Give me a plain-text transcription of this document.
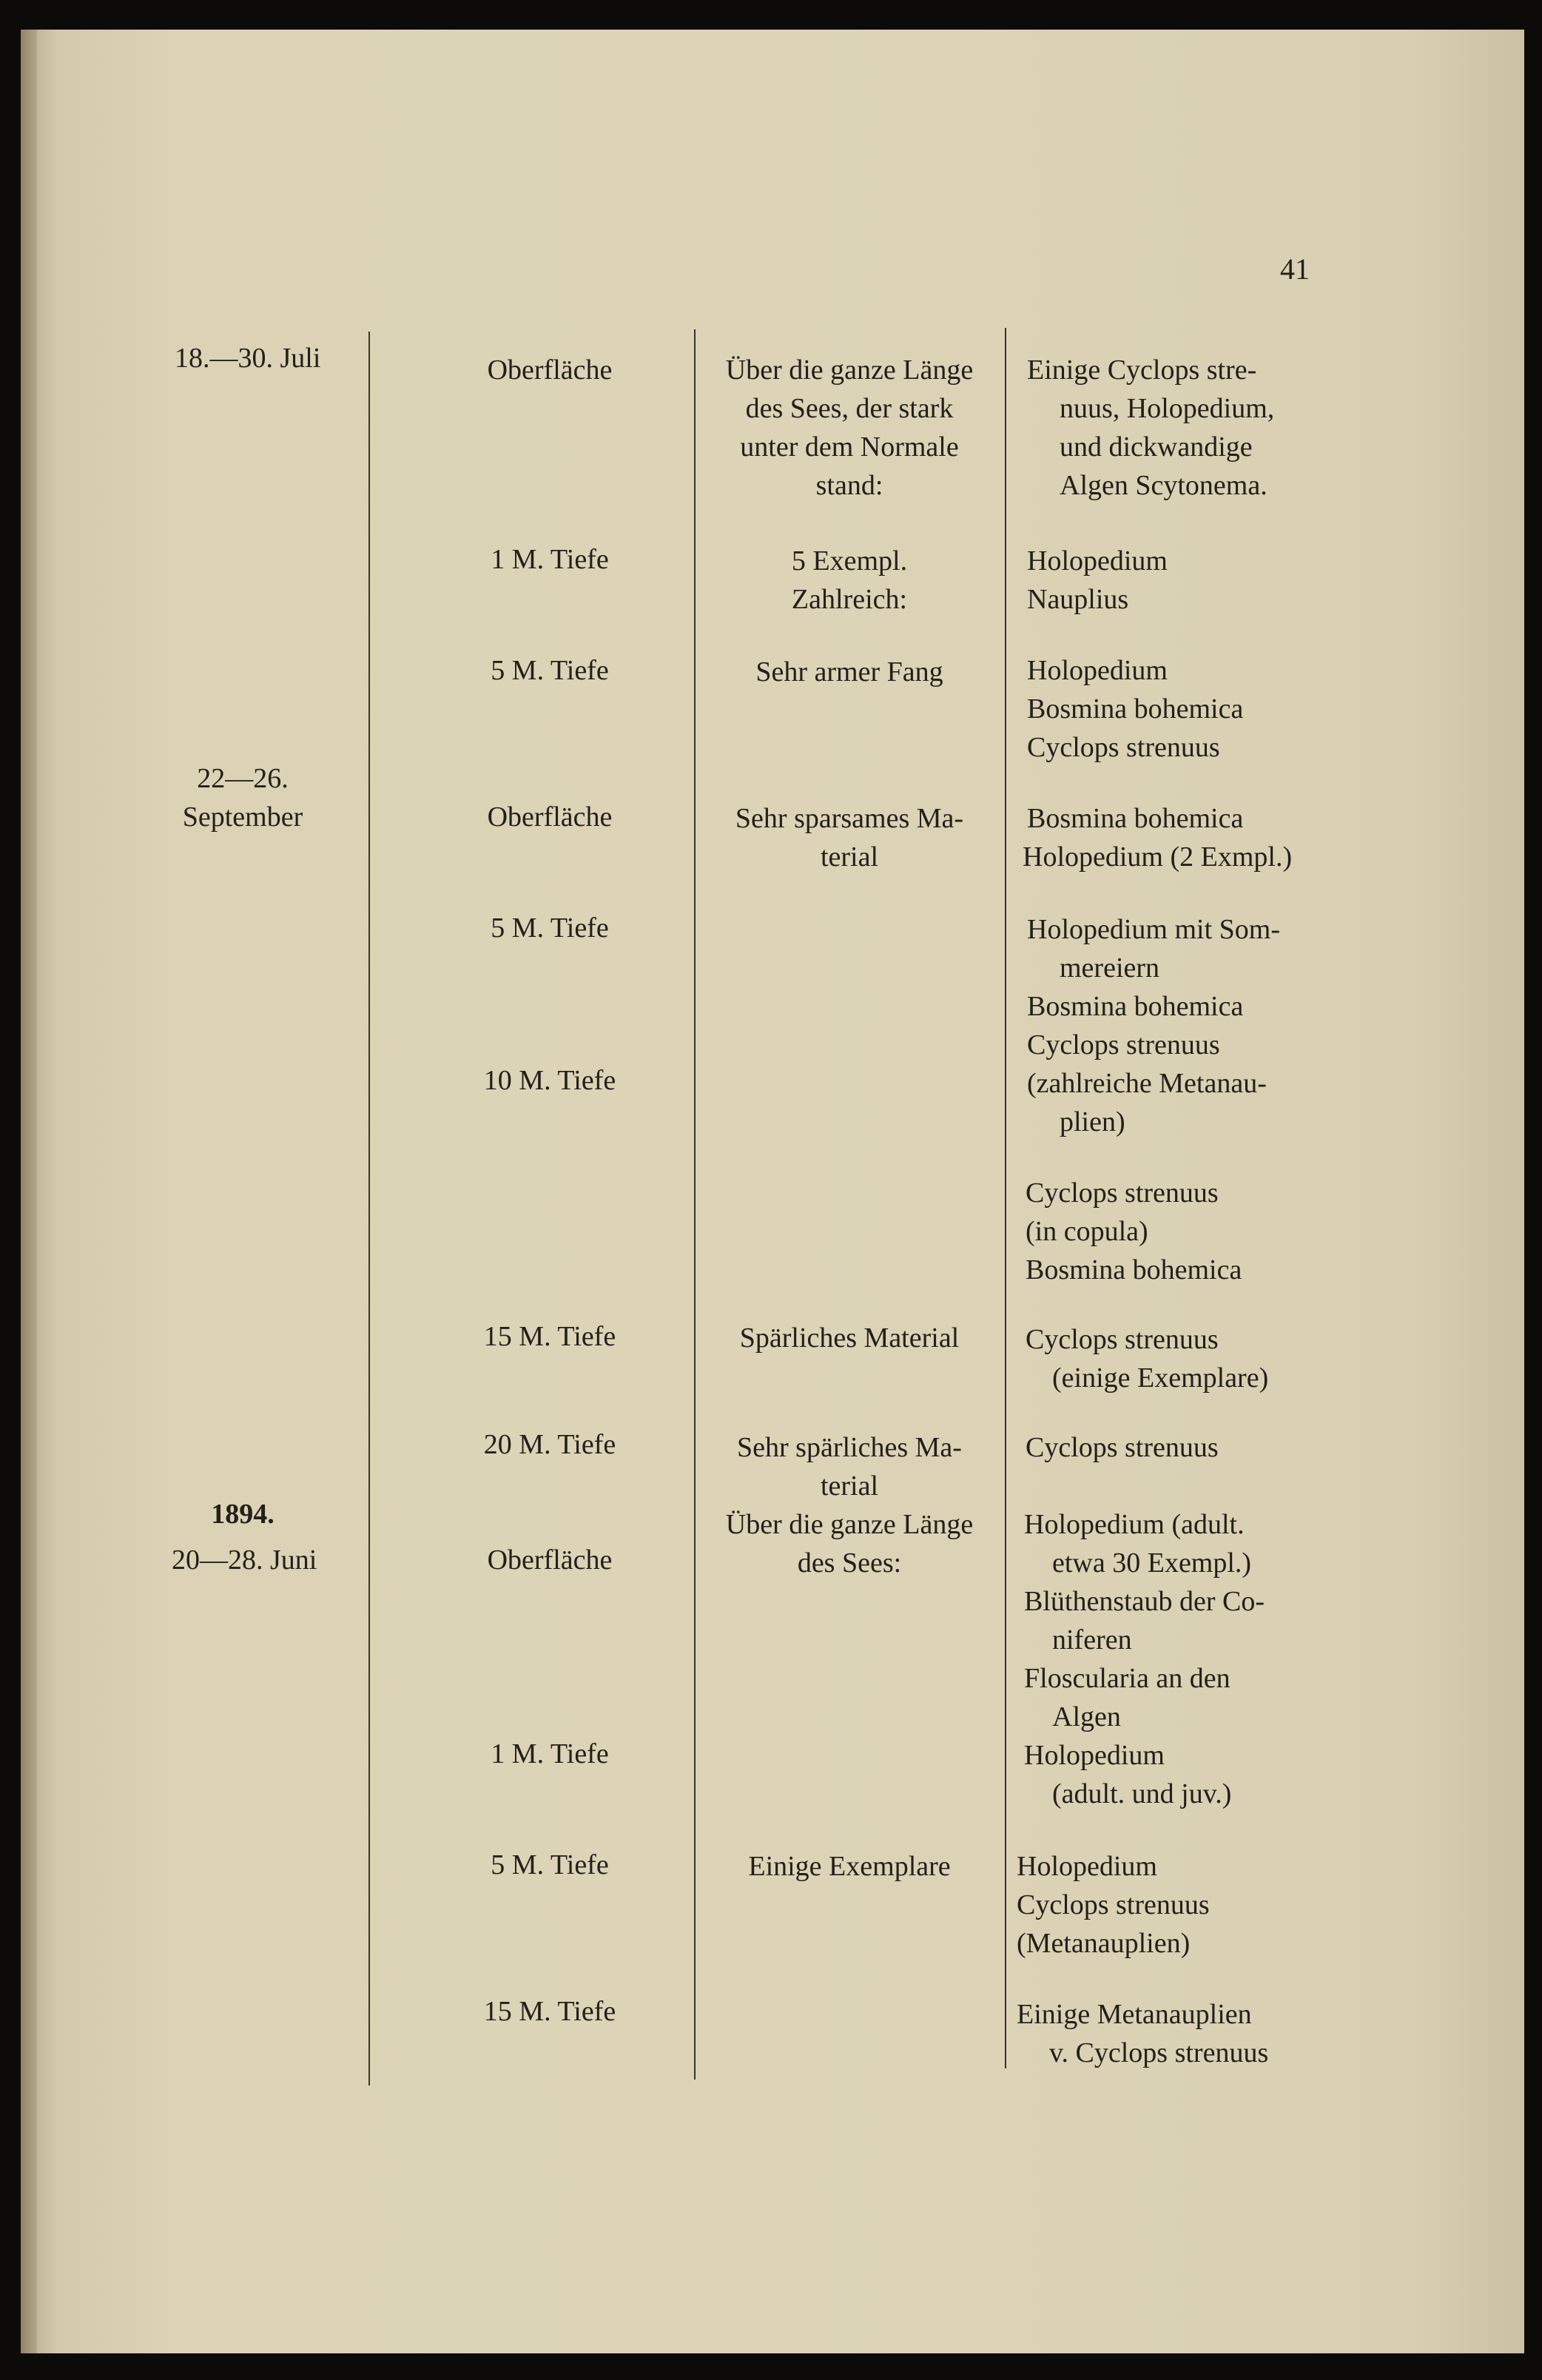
41
18.—30. Juli
22—26.
September
1894.
20—28. Juni
Oberfläche
1 M. Tiefe
5 M. Tiefe
Oberfläche
5 M. Tiefe
10 M. Tiefe
15 M. Tiefe
20 M. Tiefe
Oberfläche
1 M. Tiefe
5 M. Tiefe
15 M. Tiefe
Über die ganze Länge
des Sees, der stark
unter dem Normale
stand:
5 Exempl.
Zahlreich:
Sehr armer Fang
Sehr sparsames Ma-
terial
Spärliches Material
Sehr spärliches Ma-
terial
Über die ganze Länge
des Sees:
Einige Exemplare
Einige Cyclops stre-
nuus, Holopedium,
und dickwandige
Algen Scytonema.
Holopedium
Nauplius
Holopedium
Bosmina bohemica
Cyclops strenuus
Bosmina bohemica
Holopedium (2 Exmpl.)
Holopedium mit Som-
mereiern
Bosmina bohemica
Cyclops strenuus
(zahlreiche Metanau-
plien)
Cyclops strenuus
(in copula)
Bosmina bohemica
Cyclops strenuus
(einige Exemplare)
Cyclops strenuus
Holopedium (adult.
etwa 30 Exempl.)
Blüthenstaub der Co-
niferen
Floscularia an den
Algen
Holopedium
(adult. und juv.)
Holopedium
Cyclops strenuus
(Metanauplien)
Einige Metanauplien
v. Cyclops strenuus
